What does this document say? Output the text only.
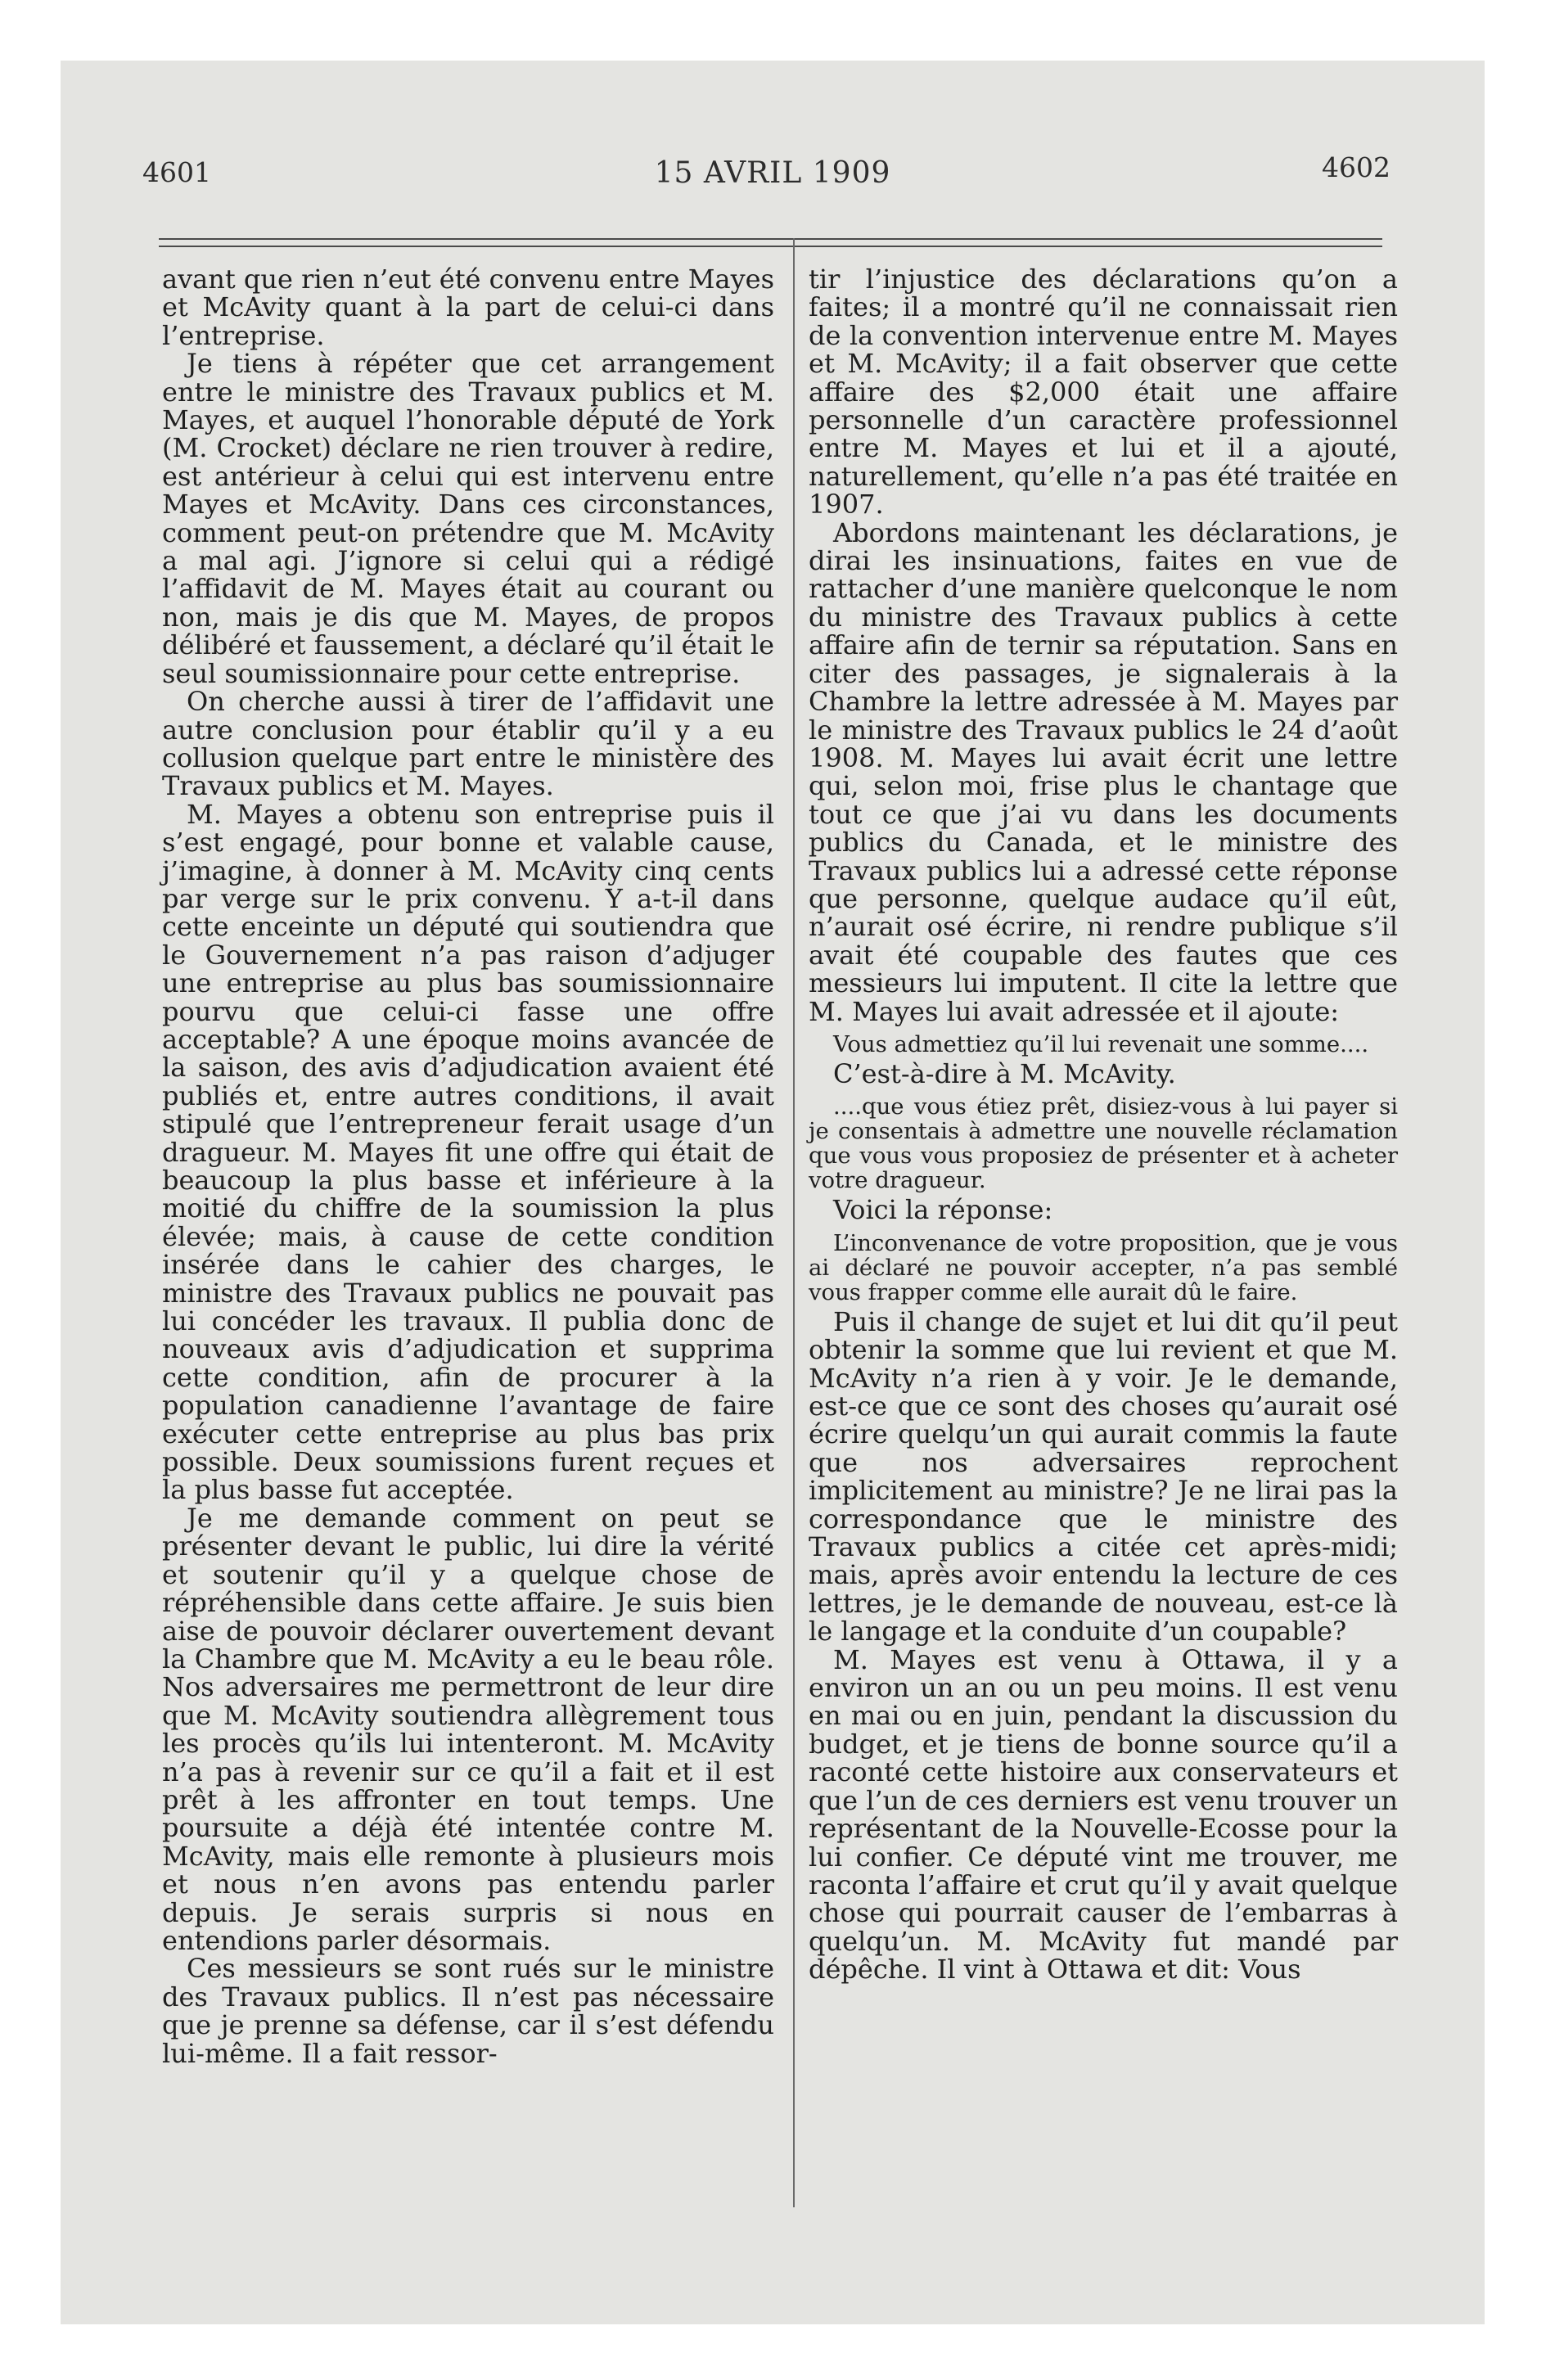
4601	15 AVRIL 1909	4602

avant que rien n’eut été convenu entre Mayes et McAvity quant à la part de celui-ci dans l’entreprise.

Je tiens à répéter que cet arrangement entre le ministre des Travaux publics et M. Mayes, et auquel l’honorable député de York (M. Crocket) déclare ne rien trouver à redire, est antérieur à celui qui est intervenu entre Mayes et McAvity. Dans ces circonstances, comment peut-on prétendre que M. McAvity a mal agi. J’ignore si celui qui a rédigé l’affidavit de M. Mayes était au courant ou non, mais je dis que M. Mayes, de propos délibéré et faussement, a déclaré qu’il était le seul soumissionnaire pour cette entreprise.

On cherche aussi à tirer de l’affidavit une autre conclusion pour établir qu’il y a eu collusion quelque part entre le ministère des Travaux publics et M. Mayes.

M. Mayes a obtenu son entreprise puis il s’est engagé, pour bonne et valable cause, j’imagine, à donner à M. McAvity cinq cents par verge sur le prix convenu. Y a-t-il dans cette enceinte un député qui soutiendra que le Gouvernement n’a pas raison d’adjuger une entreprise au plus bas soumissionnaire pourvu que celui-ci fasse une offre acceptable? A une époque moins avancée de la saison, des avis d’adjudication avaient été publiés et, entre autres conditions, il avait stipulé que l’entrepreneur ferait usage d’un dragueur. M. Mayes fit une offre qui était de beaucoup la plus basse et inférieure à la moitié du chiffre de la soumission la plus élevée; mais, à cause de cette condition insérée dans le cahier des charges, le ministre des Travaux publics ne pouvait pas lui concéder les travaux. Il publia donc de nouveaux avis d’adjudication et supprima cette condition, afin de procurer à la population canadienne l’avantage de faire exécuter cette entreprise au plus bas prix possible. Deux soumissions furent reçues et la plus basse fut acceptée.

Je me demande comment on peut se présenter devant le public, lui dire la vérité et soutenir qu’il y a quelque chose de répréhensible dans cette affaire. Je suis bien aise de pouvoir déclarer ouvertement devant la Chambre que M. McAvity a eu le beau rôle. Nos adversaires me permettront de leur dire que M. McAvity soutiendra allègrement tous les procès qu’ils lui intenteront. M. McAvity n’a pas à revenir sur ce qu’il a fait et il est prêt à les affronter en tout temps. Une poursuite a déjà été intentée contre M. McAvity, mais elle remonte à plusieurs mois et nous n’en avons pas entendu parler depuis. Je serais surpris si nous en entendions parler désormais.

Ces messieurs se sont rués sur le ministre des Travaux publics. Il n’est pas nécessaire que je prenne sa défense, car il s’est défendu lui-même. Il a fait ressor-

tir l’injustice des déclarations qu’on a faites; il a montré qu’il ne connaissait rien de la convention intervenue entre M. Mayes et M. McAvity; il a fait observer que cette affaire des $2,000 était une affaire personnelle d’un caractère professionnel entre M. Mayes et lui et il a ajouté, naturellement, qu’elle n’a pas été traitée en 1907.

Abordons maintenant les déclarations, je dirai les insinuations, faites en vue de rattacher d’une manière quelconque le nom du ministre des Travaux publics à cette affaire afin de ternir sa réputation. Sans en citer des passages, je signalerais à la Chambre la lettre adressée à M. Mayes par le ministre des Travaux publics le 24 d’août 1908. M. Mayes lui avait écrit une lettre qui, selon moi, frise plus le chantage que tout ce que j’ai vu dans les documents publics du Canada, et le ministre des Travaux publics lui a adressé cette réponse que personne, quelque audace qu’il eût, n’aurait osé écrire, ni rendre publique s’il avait été coupable des fautes que ces messieurs lui imputent. Il cite la lettre que M. Mayes lui avait adressée et il ajoute:

Vous admettiez qu’il lui revenait une somme....

C’est-à-dire à M. McAvity.

....que vous étiez prêt, disiez-vous à lui payer si je consentais à admettre une nouvelle réclamation que vous vous proposiez de présenter et à acheter votre dragueur.

Voici la réponse:

L’inconvenance de votre proposition, que je vous ai déclaré ne pouvoir accepter, n’a pas semblé vous frapper comme elle aurait dû le faire.

Puis il change de sujet et lui dit qu’il peut obtenir la somme que lui revient et que M. McAvity n’a rien à y voir. Je le demande, est-ce que ce sont des choses qu’aurait osé écrire quelqu’un qui aurait commis la faute que nos adversaires reprochent implicitement au ministre? Je ne lirai pas la correspondance que le ministre des Travaux publics a citée cet après-midi; mais, après avoir entendu la lecture de ces lettres, je le demande de nouveau, est-ce là le langage et la conduite d’un coupable?

M. Mayes est venu à Ottawa, il y a environ un an ou un peu moins. Il est venu en mai ou en juin, pendant la discussion du budget, et je tiens de bonne source qu’il a raconté cette histoire aux conservateurs et que l’un de ces derniers est venu trouver un représentant de la Nouvelle-Ecosse pour la lui confier. Ce député vint me trouver, me raconta l’affaire et crut qu’il y avait quelque chose qui pourrait causer de l’embarras à quelqu’un. M. McAvity fut mandé par dépêche. Il vint à Ottawa et dit: Vous
